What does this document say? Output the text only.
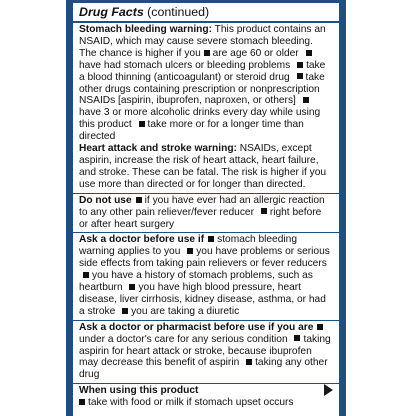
Drug Facts (continued)

Stomach bleeding warning: This product contains an NSAID, which may cause severe stomach bleeding. The chance is higher if you are age 60 or older have had stomach ulcers or bleeding problems take a blood thinning (anticoagulant) or steroid drug take other drugs containing prescription or nonprescription NSAIDs [aspirin, ibuprofen, naproxen, or others] have 3 or more alcoholic drinks every day while using this product take more or for a longer time than directed

Heart attack and stroke warning: NSAIDs, except aspirin, increase the risk of heart attack, heart failure, and stroke. These can be fatal. The risk is higher if you use more than directed or for longer than directed.

Do not use if you have ever had an allergic reaction to any other pain reliever/fever reducer right before or after heart surgery

Ask a doctor before use if stomach bleeding warning applies to you you have problems or serious side effects from taking pain relievers or fever reducers you have a history of stomach problems, such as heartburn you have high blood pressure, heart disease, liver cirrhosis, kidney disease, asthma, or had a stroke you are taking a diuretic

Ask a doctor or pharmacist before use if you areunder a doctor's care for any serious condition taking aspirin for heart attack or stroke, because ibuprofen may decrease this benefit of aspirin taking any other drug

When using this product

take with food or milk if stomach upset occurs
